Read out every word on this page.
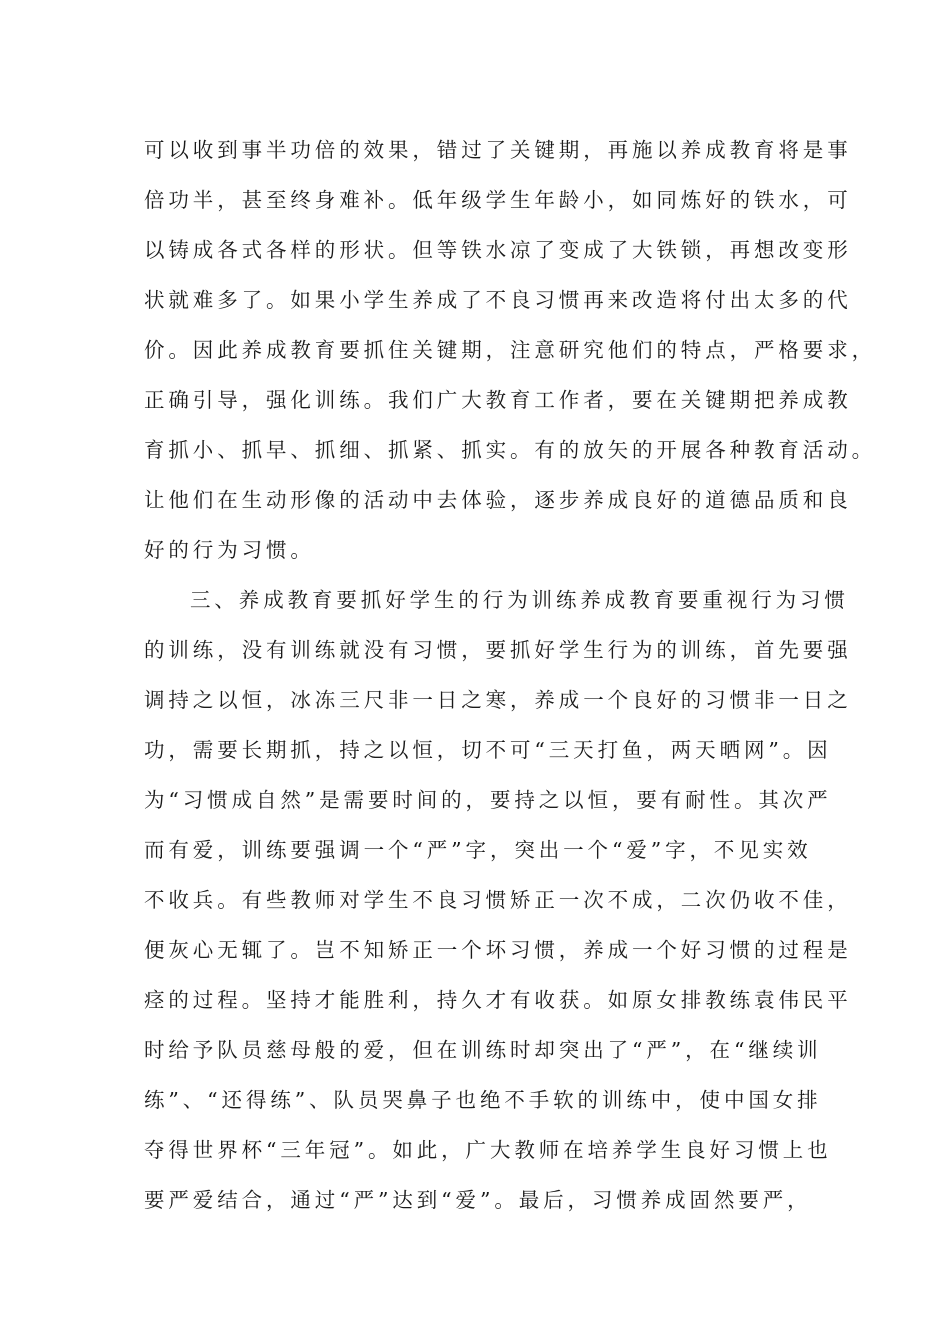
可以收到事半功倍的效果，错过了关键期，再施以养成教育将是事
倍功半，甚至终身难补。低年级学生年龄小，如同炼好的铁水，可
以铸成各式各样的形状。但等铁水凉了变成了大铁锁，再想改变形
状就难多了。如果小学生养成了不良习惯再来改造将付出太多的代
价。因此养成教育要抓住关键期，注意研究他们的特点，严格要求，
正确引导，强化训练。我们广大教育工作者，要在关键期把养成教
育抓小、抓早、抓细、抓紧、抓实。有的放矢的开展各种教育活动。
让他们在生动形像的活动中去体验，逐步养成良好的道德品质和良
好的行为习惯。
三、养成教育要抓好学生的行为训练养成教育要重视行为习惯
的训练，没有训练就没有习惯，要抓好学生行为的训练，首先要强
调持之以恒，冰冻三尺非一日之寒，养成一个良好的习惯非一日之
功，需要长期抓，持之以恒，切不可“三天打鱼，两天晒网”。因
为“习惯成自然”是需要时间的，要持之以恒，要有耐性。其次严
而有爱，训练要强调一个“严”字，突出一个“爱”字，不见实效
不收兵。有些教师对学生不良习惯矫正一次不成，二次仍收不佳，
便灰心无辄了。岂不知矫正一个坏习惯，养成一个好习惯的过程是
痉的过程。坚持才能胜利，持久才有收获。如原女排教练袁伟民平
时给予队员慈母般的爱，但在训练时却突出了“严”，在“继续训
练”、“还得练”、队员哭鼻子也绝不手软的训练中，使中国女排
夺得世界杯“三年冠”。如此，广大教师在培养学生良好习惯上也
要严爱结合，通过“严”达到“爱”。最后，习惯养成固然要严，
